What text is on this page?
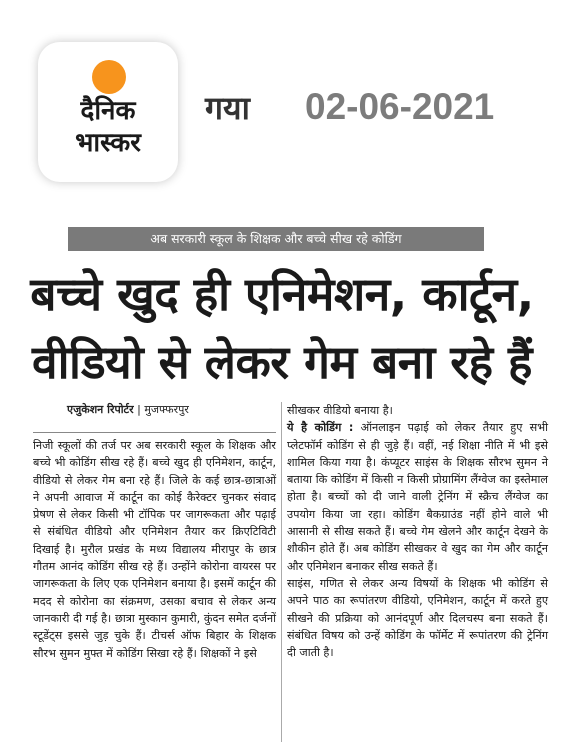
दैनिक
भास्कर
गया 02-06-2021
अब सरकारी स्कूल के शिक्षक और बच्चे सीख रहे कोडिंग
बच्चे खुद ही एनिमेशन, कार्टून,
वीडियो से लेकर गेम बना रहे हैं
एजुकेशन रिपोर्टर | मुजफ्फरपुर

निजी स्कूलों की तर्ज पर अब सरकारी स्कूल के शिक्षक और बच्चे भी कोडिंग सीख रहे हैं। बच्चे खुद ही एनिमेशन, कार्टून, वीडियो से लेकर गेम बना रहे हैं। जिले के कई छात्र-छात्राओं ने अपनी आवाज में कार्टून का कोई कैरेक्टर चुनकर संवाद प्रेषण से लेकर किसी भी टॉपिक पर जागरूकता और पढ़ाई से संबंधित वीडियो और एनिमेशन तैयार कर क्रिएटिविटी दिखाई है। मुरौल प्रखंड के मध्य विद्यालय मीरापुर के छात्र गौतम आनंद कोडिंग सीख रहे हैं। उन्होंने कोरोना वायरस पर जागरूकता के लिए एक एनिमेशन बनाया है। इसमें कार्टून की मदद से कोरोना का संक्रमण, उसका बचाव से लेकर अन्य जानकारी दी गई है। छात्रा मुस्कान कुमारी, कुंदन समेत दर्जनों स्टूडेंट्स इससे जुड़ चुके हैं। टीचर्स ऑफ बिहार के शिक्षक सौरभ सुमन मुफ्त में कोडिंग सिखा रहे हैं। शिक्षकों ने इसे

सीखकर वीडियो बनाया है।

ये है कोडिंग : ऑनलाइन पढ़ाई को लेकर तैयार हुए सभी प्लेटफॉर्म कोडिंग से ही जुड़े हैं। वहीं, नई शिक्षा नीति में भी इसे शामिल किया गया है। कंप्यूटर साइंस के शिक्षक सौरभ सुमन ने बताया कि कोडिंग में किसी न किसी प्रोग्रामिंग लैंग्वेज का इस्तेमाल होता है। बच्चों को दी जाने वाली ट्रेनिंग में स्क्रैच लैंग्वेज का उपयोग किया जा रहा। कोडिंग बैकग्राउंड नहीं होने वाले भी आसानी से सीख सकते हैं। बच्चे गेम खेलने और कार्टून देखने के शौकीन होते हैं। अब कोडिंग सीखकर वे खुद का गेम और कार्टून और एनिमेशन बनाकर सीख सकते हैं।

साइंस, गणित से लेकर अन्य विषयों के शिक्षक भी कोडिंग से अपने पाठ का रूपांतरण वीडियो, एनिमेशन, कार्टून में करते हुए सीखने की प्रक्रिया को आनंदपूर्ण और दिलचस्प बना सकते हैं। संबंधित विषय को उन्हें कोडिंग के फॉर्मेट में रूपांतरण की ट्रेनिंग दी जाती है।
